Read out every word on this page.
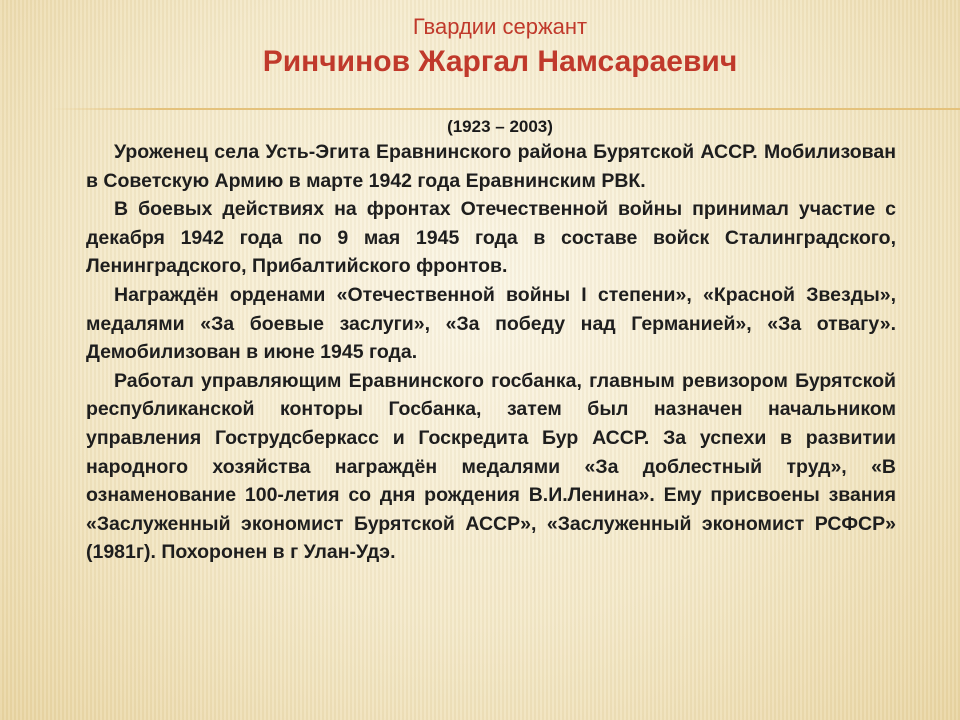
Гвардии сержант
Ринчинов Жаргал Намсараевич
(1923 – 2003)

Уроженец села Усть-Эгита Еравнинского района Бурятской АССР. Мобилизован в Советскую Армию в марте 1942 года Еравнинским РВК.

В боевых действиях на фронтах Отечественной войны принимал участие с декабря 1942 года по 9 мая 1945 года в составе войск Сталинградского, Ленинградского, Прибалтийского фронтов.

Награждён орденами «Отечественной войны I степени», «Красной Звезды», медалями «За боевые заслуги», «За победу над Германией», «За отвагу». Демобилизован в июне 1945 года.

Работал управляющим Еравнинского госбанка, главным ревизором Бурятской республиканской конторы Госбанка, затем был назначен начальником управления Гострудсберкасс и Госкредита Бур АССР. За успехи в развитии народного хозяйства награждён медалями «За доблестный труд», «В ознаменование 100-летия со дня рождения В.И.Ленина». Ему присвоены звания «Заслуженный экономист Бурятской АССР», «Заслуженный экономист РСФСР» (1981г). Похоронен в г Улан-Удэ.
